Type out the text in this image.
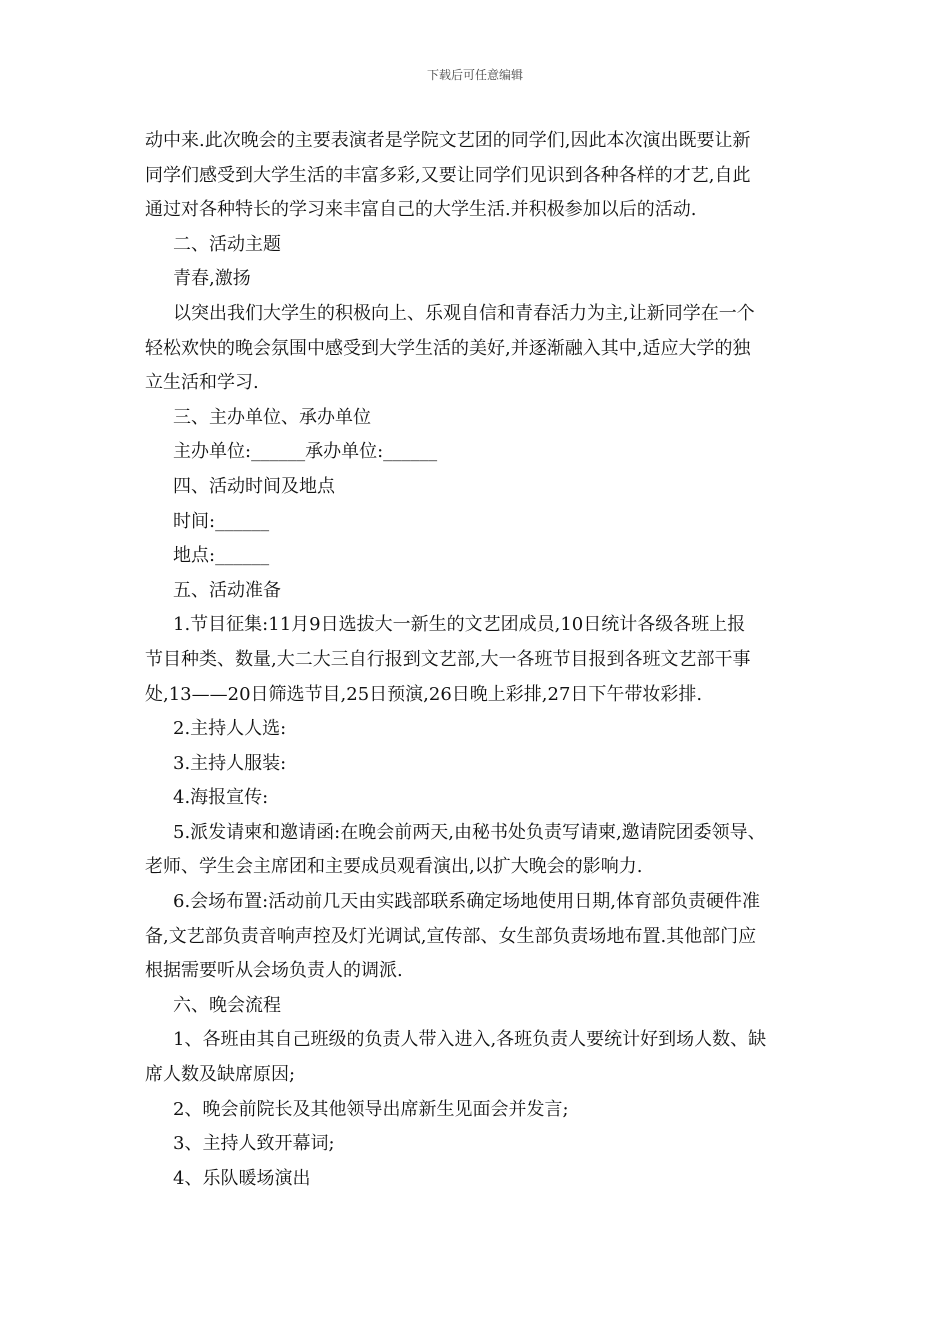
下载后可任意编辑

动中来.此次晚会的主要表演者是学院文艺团的同学们,因此本次演出既要让新

同学们感受到大学生活的丰富多彩,又要让同学们见识到各种各样的才艺,自此

通过对各种特长的学习来丰富自己的大学生活.并积极参加以后的活动.

二、活动主题

青春,激扬

以突出我们大学生的积极向上、乐观自信和青春活力为主,让新同学在一个

轻松欢快的晚会氛围中感受到大学生活的美好,并逐渐融入其中,适应大学的独

立生活和学习.

三、主办单位、承办单位

主办单位:______承办单位:______

四、活动时间及地点

时间:______

地点:______

五、活动准备

1.节目征集:11月9日选拔大一新生的文艺团成员,10日统计各级各班上报

节目种类、数量,大二大三自行报到文艺部,大一各班节目报到各班文艺部干事

处,13——20日筛选节目,25日预演,26日晚上彩排,27日下午带妆彩排.

2.主持人人选:

3.主持人服装:

4.海报宣传:

5.派发请柬和邀请函:在晚会前两天,由秘书处负责写请柬,邀请院团委领导、

老师、学生会主席团和主要成员观看演出,以扩大晚会的影响力.

6.会场布置:活动前几天由实践部联系确定场地使用日期,体育部负责硬件准

备,文艺部负责音响声控及灯光调试,宣传部、女生部负责场地布置.其他部门应

根据需要听从会场负责人的调派.

六、晚会流程

1、各班由其自己班级的负责人带入进入,各班负责人要统计好到场人数、缺

席人数及缺席原因;

2、晚会前院长及其他领导出席新生见面会并发言;

3、主持人致开幕词;

4、乐队暖场演出
